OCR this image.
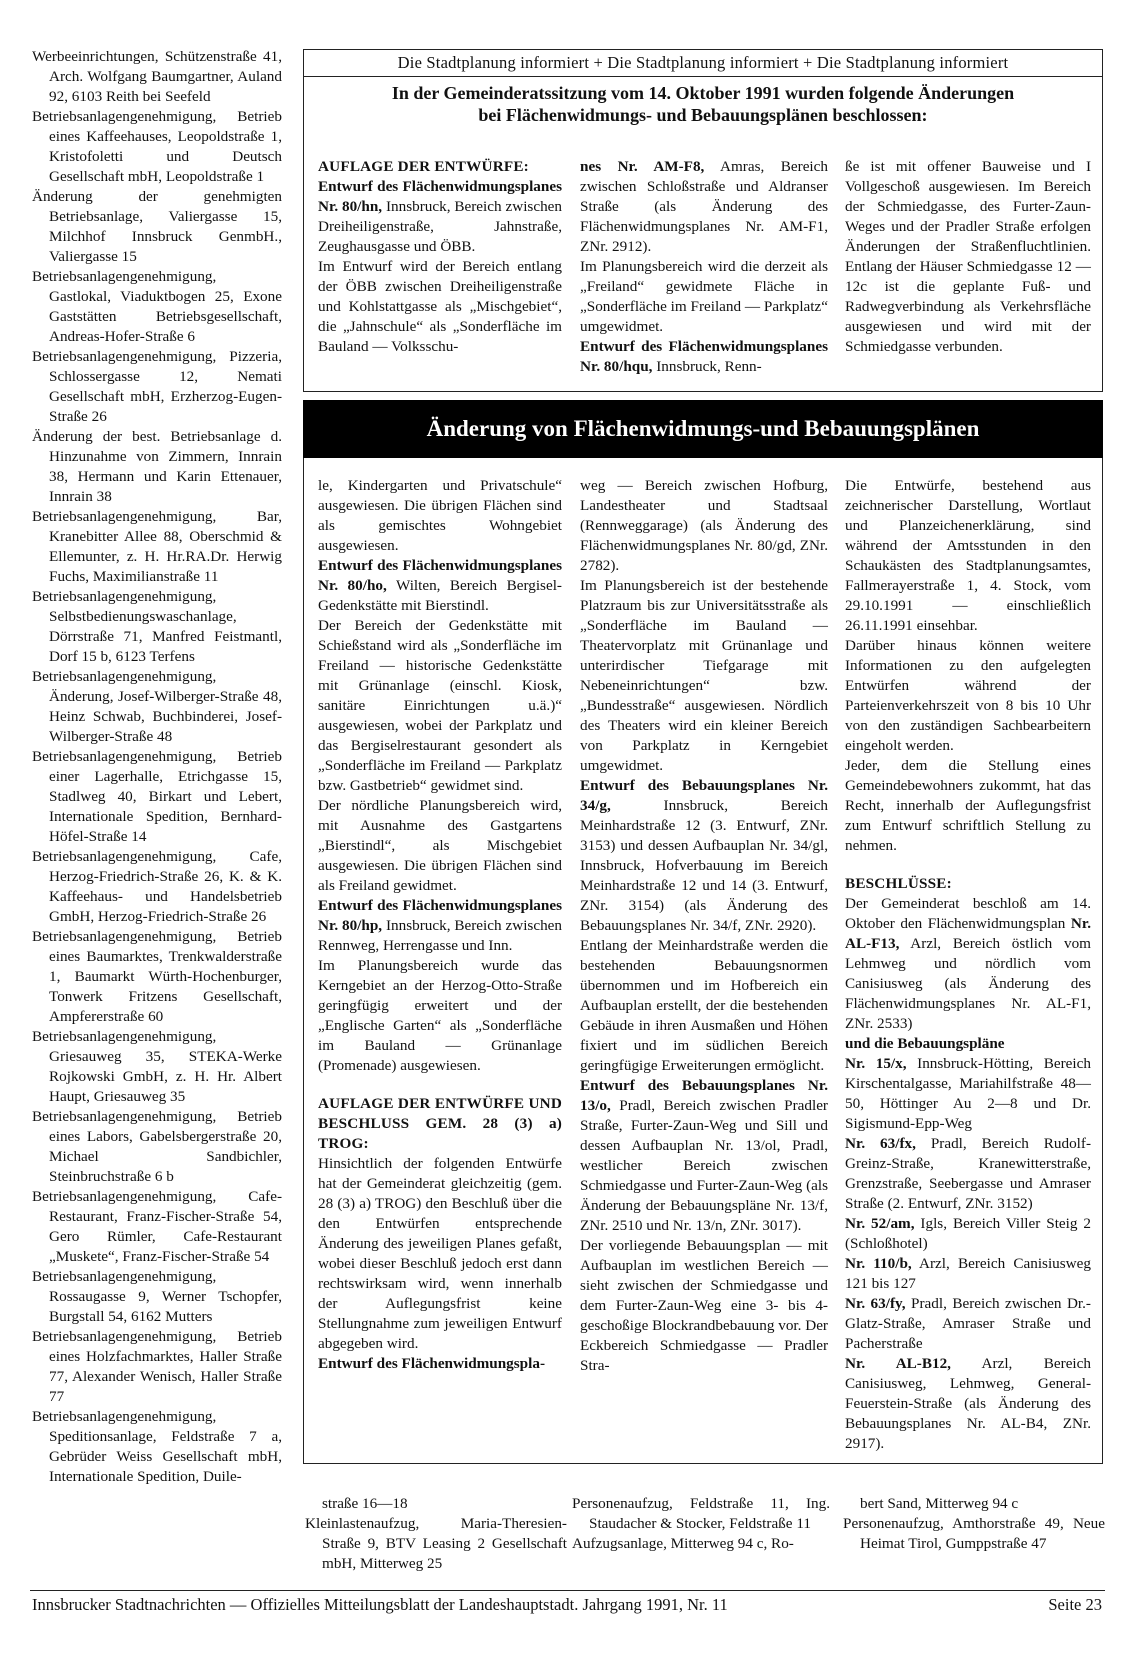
Werbeeinrichtungen, Schützenstraße 41, Arch. Wolfgang Baumgartner, Auland 92, 6103 Reith bei Seefeld

Betriebsanlagengenehmigung, Betrieb eines Kaffeehauses, Leopoldstraße 1, Kristofoletti und Deutsch Gesellschaft mbH, Leopoldstraße 1

Änderung der genehmigten Betriebsanlage, Valiergasse 15, Milchhof Innsbruck GenmbH., Valiergasse 15

Betriebsanlagengenehmigung, Gastlokal, Viaduktbogen 25, Exone Gaststätten Betriebsgesellschaft, Andreas-Hofer-Straße 6

Betriebsanlagengenehmigung, Pizzeria, Schlossergasse 12, Nemati Gesellschaft mbH, Erzherzog-Eugen-Straße 26

Änderung der best. Betriebsanlage d. Hinzunahme von Zimmern, Innrain 38, Hermann und Karin Ettenauer, Innrain 38

Betriebsanlagengenehmigung, Bar, Kranebitter Allee 88, Oberschmid & Ellemunter, z. H. Hr.RA.Dr. Herwig Fuchs, Maximilianstraße 11

Betriebsanlagengenehmigung, Selbstbedienungswaschanlage, Dörrstraße 71, Manfred Feistmantl, Dorf 15 b, 6123 Terfens

Betriebsanlagengenehmigung, Änderung, Josef-Wilberger-Straße 48, Heinz Schwab, Buchbinderei, Josef-Wilberger-Straße 48

Betriebsanlagengenehmigung, Betrieb einer Lagerhalle, Etrichgasse 15, Stadlweg 40, Birkart und Lebert, Internationale Spedition, Bernhard-Höfel-Straße 14

Betriebsanlagengenehmigung, Cafe, Herzog-Friedrich-Straße 26, K. & K. Kaffeehaus- und Handelsbetrieb GmbH, Herzog-Friedrich-Straße 26

Betriebsanlagengenehmigung, Betrieb eines Baumarktes, Trenkwalderstraße 1, Baumarkt Würth-Hochenburger, Tonwerk Fritzens Gesellschaft, Ampfererstraße 60

Betriebsanlagengenehmigung, Griesauweg 35, STEKA-Werke Rojkowski GmbH, z. H. Hr. Albert Haupt, Griesauweg 35

Betriebsanlagengenehmigung, Betrieb eines Labors, Gabelsbergerstraße 20, Michael Sandbichler, Steinbruchstraße 6 b

Betriebsanlagengenehmigung, Cafe-Restaurant, Franz-Fischer-Straße 54, Gero Rümler, Cafe-Restaurant „Muskete“, Franz-Fischer-Straße 54

Betriebsanlagengenehmigung, Rossaugasse 9, Werner Tschopfer, Burgstall 54, 6162 Mutters

Betriebsanlagengenehmigung, Betrieb eines Holzfachmarktes, Haller Straße 77, Alexander Wenisch, Haller Straße 77

Betriebsanlagengenehmigung, Speditionsanlage, Feldstraße 7 a, Gebrüder Weiss Gesellschaft mbH, Internationale Spedition, Duile-

Die Stadtplanung informiert + Die Stadtplanung informiert + Die Stadtplanung informiert
In der Gemeinderatssitzung vom 14. Oktober 1991 wurden folgende Änderungen
bei Flächenwidmungs- und Bebauungsplänen beschlossen:

AUFLAGE DER ENTWÜRFE:

Entwurf des Flächenwidmungsplanes Nr. 80/hn, Innsbruck, Bereich zwischen Dreiheiligenstraße, Jahnstraße, Zeughausgasse und ÖBB.

Im Entwurf wird der Bereich entlang der ÖBB zwischen Dreiheiligenstraße und Kohlstattgasse als „Mischgebiet“, die „Jahnschule“ als „Sonderfläche im Bauland — Volksschu-

nes Nr. AM-F8, Amras, Bereich zwischen Schloßstraße und Aldranser Straße (als Änderung des Flächenwidmungsplanes Nr. AM-F1, ZNr. 2912).

Im Planungsbereich wird die derzeit als „Freiland“ gewidmete Fläche in „Sonderfläche im Freiland — Parkplatz“ umgewidmet.

Entwurf des Flächenwidmungsplanes Nr. 80/hqu, Innsbruck, Renn-

ße ist mit offener Bauweise und I Vollgeschoß ausgewiesen. Im Bereich der Schmiedgasse, des Furter-Zaun-Weges und der Pradler Straße erfolgen Änderungen der Straßenfluchtlinien. Entlang der Häuser Schmiedgasse 12 — 12c ist die geplante Fuß- und Radwegverbindung als Verkehrsfläche ausgewiesen und wird mit der Schmiedgasse verbunden.

Änderung von Flächenwidmungs-und Bebauungsplänen

le, Kindergarten und Privatschule“ ausgewiesen. Die übrigen Flächen sind als gemischtes Wohngebiet ausgewiesen.

Entwurf des Flächenwidmungsplanes Nr. 80/ho, Wilten, Bereich Bergisel-Gedenkstätte mit Bierstindl.

Der Bereich der Gedenkstätte mit Schießstand wird als „Sonderfläche im Freiland — historische Gedenkstätte mit Grünanlage (einschl. Kiosk, sanitäre Einrichtungen u.ä.)“ ausgewiesen, wobei der Parkplatz und das Bergiselrestaurant gesondert als „Sonderfläche im Freiland — Parkplatz bzw. Gastbetrieb“ gewidmet sind.

Der nördliche Planungsbereich wird, mit Ausnahme des Gastgartens „Bierstindl“, als Mischgebiet ausgewiesen. Die übrigen Flächen sind als Freiland gewidmet.

Entwurf des Flächenwidmungsplanes Nr. 80/hp, Innsbruck, Bereich zwischen Rennweg, Herrengasse und Inn.

Im Planungsbereich wurde das Kerngebiet an der Herzog-Otto-Straße geringfügig erweitert und der „Englische Garten“ als „Sonderfläche im Bauland — Grünanlage (Promenade) ausgewiesen.

AUFLAGE DER ENTWÜRFE UND BESCHLUSS GEM. 28 (3) a) TROG:

Hinsichtlich der folgenden Entwürfe hat der Gemeinderat gleichzeitig (gem. 28 (3) a) TROG) den Beschluß über die den Entwürfen entsprechende Änderung des jeweiligen Planes gefaßt, wobei dieser Beschluß jedoch erst dann rechtswirksam wird, wenn innerhalb der Auflegungsfrist keine Stellungnahme zum jeweiligen Entwurf abgegeben wird.

Entwurf des Flächenwidmungspla-

weg — Bereich zwischen Hofburg, Landestheater und Stadtsaal (Rennweggarage) (als Änderung des Flächenwidmungsplanes Nr. 80/gd, ZNr. 2782).

Im Planungsbereich ist der bestehende Platzraum bis zur Universitätsstraße als „Sonderfläche im Bauland — Theatervorplatz mit Grünanlage und unterirdischer Tiefgarage mit Nebeneinrichtungen“ bzw. „Bundesstraße“ ausgewiesen. Nördlich des Theaters wird ein kleiner Bereich von Parkplatz in Kerngebiet umgewidmet.

Entwurf des Bebauungsplanes Nr. 34/g, Innsbruck, Bereich Meinhardstraße 12 (3. Entwurf, ZNr. 3153) und dessen Aufbauplan Nr. 34/gl, Innsbruck, Hofverbauung im Bereich Meinhardstraße 12 und 14 (3. Entwurf, ZNr. 3154) (als Änderung des Bebauungsplanes Nr. 34/f, ZNr. 2920).

Entlang der Meinhardstraße werden die bestehenden Bebauungsnormen übernommen und im Hofbereich ein Aufbauplan erstellt, der die bestehenden Gebäude in ihren Ausmaßen und Höhen fixiert und im südlichen Bereich geringfügige Erweiterungen ermöglicht.

Entwurf des Bebauungsplanes Nr. 13/o, Pradl, Bereich zwischen Pradler Straße, Furter-Zaun-Weg und Sill und dessen Aufbauplan Nr. 13/ol, Pradl, westlicher Bereich zwischen Schmiedgasse und Furter-Zaun-Weg (als Änderung der Bebauungspläne Nr. 13/f, ZNr. 2510 und Nr. 13/n, ZNr. 3017).

Der vorliegende Bebauungsplan — mit Aufbauplan im westlichen Bereich — sieht zwischen der Schmiedgasse und dem Furter-Zaun-Weg eine 3- bis 4-geschoßige Blockrandbebauung vor. Der Eckbereich Schmiedgasse — Pradler Stra-

Die Entwürfe, bestehend aus zeichnerischer Darstellung, Wortlaut und Planzeichenerklärung, sind während der Amtsstunden in den Schaukästen des Stadtplanungsamtes, Fallmerayerstraße 1, 4. Stock, vom 29.10.1991 — einschließlich 26.11.1991 einsehbar.

Darüber hinaus können weitere Informationen zu den aufgelegten Entwürfen während der Parteienverkehrszeit von 8 bis 10 Uhr von den zuständigen Sachbearbeitern eingeholt werden.

Jeder, dem die Stellung eines Gemeindebewohners zukommt, hat das Recht, innerhalb der Auflegungsfrist zum Entwurf schriftlich Stellung zu nehmen.

BESCHLÜSSE:

Der Gemeinderat beschloß am 14. Oktober den Flächenwidmungsplan Nr. AL-F13, Arzl, Bereich östlich vom Lehmweg und nördlich vom Canisiusweg (als Änderung des Flächenwidmungsplanes Nr. AL-F1, ZNr. 2533)

und die Bebauungspläne

Nr. 15/x, Innsbruck-Hötting, Bereich Kirschentalgasse, Mariahilfstraße 48—50, Höttinger Au 2—8 und Dr. Sigismund-Epp-Weg

Nr. 63/fx, Pradl, Bereich Rudolf-Greinz-Straße, Kranewitterstraße, Grenzstraße, Seebergasse und Amraser Straße (2. Entwurf, ZNr. 3152)

Nr. 52/am, Igls, Bereich Viller Steig 2 (Schloßhotel)

Nr. 110/b, Arzl, Bereich Canisiusweg 121 bis 127

Nr. 63/fy, Pradl, Bereich zwischen Dr.-Glatz-Straße, Amraser Straße und Pacherstraße

Nr. AL-B12, Arzl, Bereich Canisiusweg, Lehmweg, General-Feuerstein-Straße (als Änderung des Bebauungsplanes Nr. AL-B4, ZNr. 2917).

straße 16—18

Kleinlastenaufzug, Maria-Theresien-Straße 9, BTV Leasing 2 Gesellschaft mbH, Mitterweg 25

Personenaufzug, Feldstraße 11, Ing. Staudacher & Stocker, Feldstraße 11

Aufzugsanlage, Mitterweg 94 c, Ro-

bert Sand, Mitterweg 94 c

Personenaufzug, Amthorstraße 49, Neue Heimat Tirol, Gumppstraße 47

Innsbrucker Stadtnachrichten — Offizielles Mitteilungsblatt der Landeshauptstadt. Jahrgang 1991, Nr. 11	Seite 23
